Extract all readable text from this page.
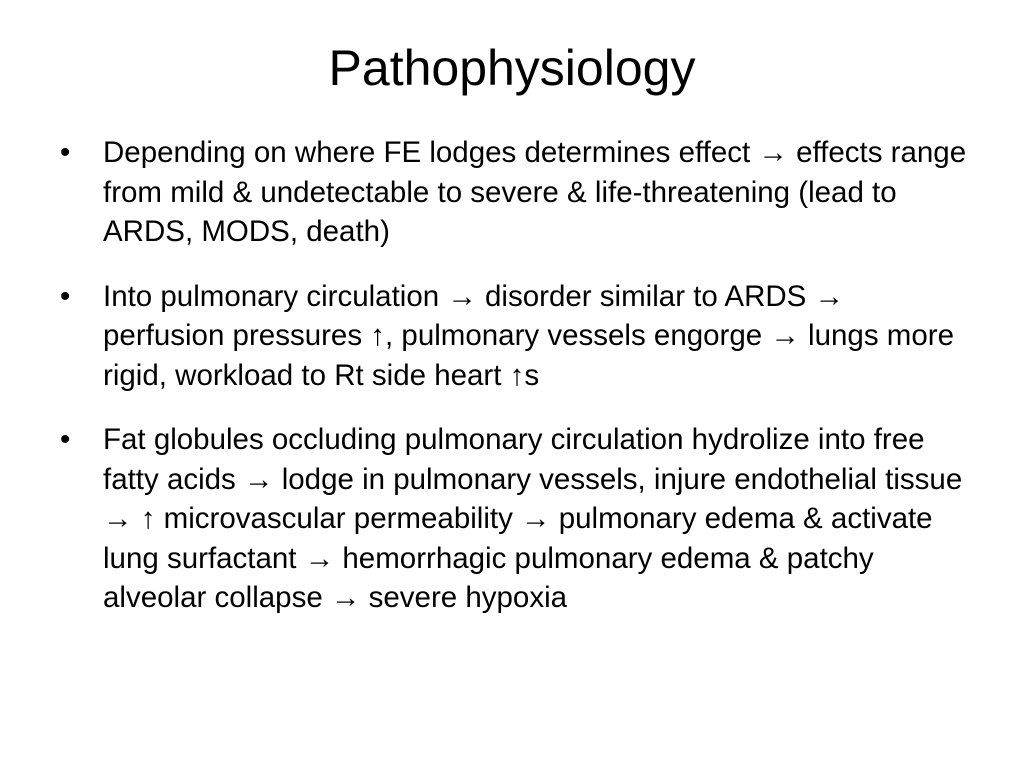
Pathophysiology
•	Depending on where FE lodges determines effect → effects range from mild & undetectable to severe & life-threatening (lead to ARDS, MODS, death)
•	Into pulmonary circulation → disorder similar to ARDS → perfusion pressures ↑, pulmonary vessels engorge → lungs more rigid, workload to Rt side heart ↑s
•	Fat globules occluding pulmonary circulation hydrolize into free fatty acids → lodge in pulmonary vessels, injure endothelial tissue → ↑ microvascular permeability → pulmonary edema & activate lung surfactant → hemorrhagic pulmonary edema & patchy alveolar collapse → severe hypoxia
